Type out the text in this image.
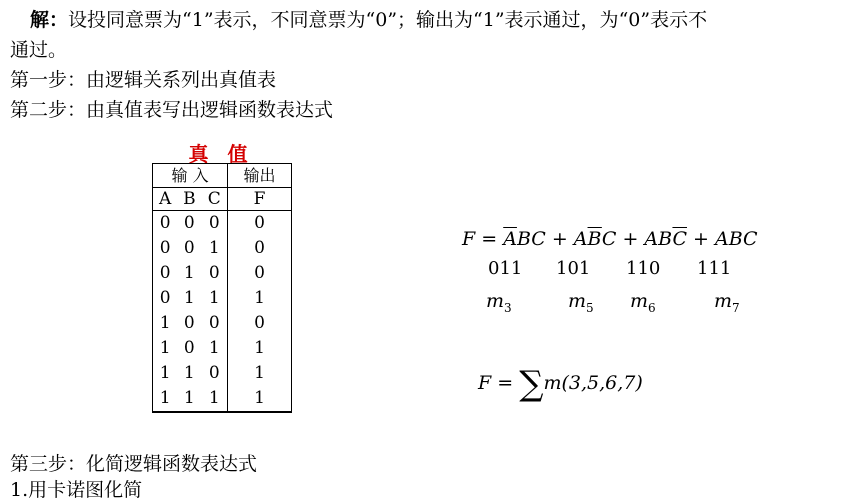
解：设投同意票为“1”表示，不同意票为“0”；输出为“1”表示通过，为“0”表示不
通过。
第一步：由逻辑关系列出真值表
第二步：由真值表写出逻辑函数表达式
真 值
输 入			输出
A	B	C	F
0	0	0	0
0	0	1	0
0	1	0	0
0	1	1	1
1	0	0	0
1	0	1	1
1	1	0	1
1	1	1	1
$F = \overline{A}BC + A\overline{B}C + AB\overline{C}$ + ABC
011 101 110 111
$m_3$	$m_5$ $m_6$	$m_7$
F = ∑m(3,5,6,7)
第三步：化简逻辑函数表达式
1.用卡诺图化简
